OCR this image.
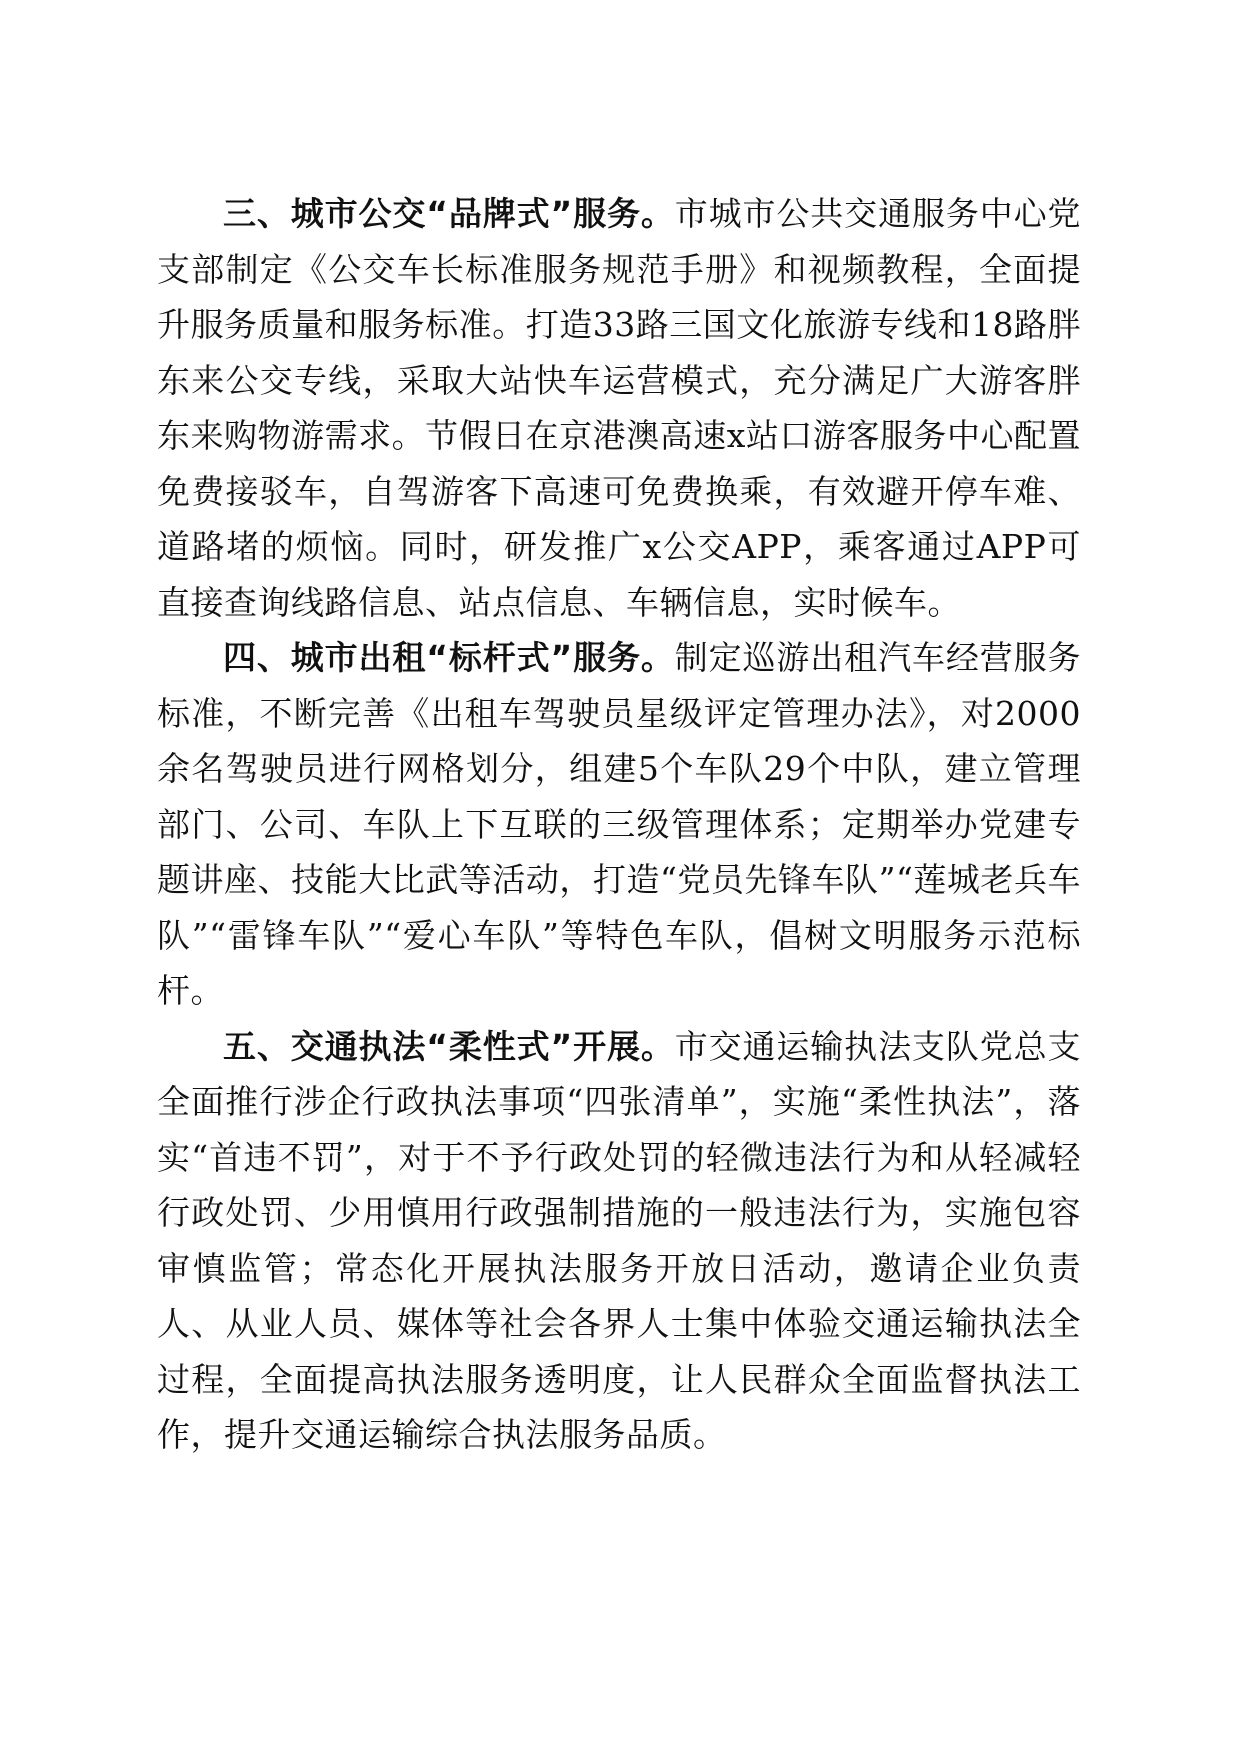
三、城市公交“品牌式”服务。市城市公共交通服务中心党支部制定《公交车长标准服务规范手册》和视频教程，全面提升服务质量和服务标准。打造33路三国文化旅游专线和18路胖东来公交专线，采取大站快车运营模式，充分满足广大游客胖东来购物游需求。节假日在京港澳高速x站口游客服务中心配置免费接驳车，自驾游客下高速可免费换乘，有效避开停车难、道路堵的烦恼。同时，研发推广x公交APP，乘客通过APP可直接查询线路信息、站点信息、车辆信息，实时候车。

四、城市出租“标杆式”服务。制定巡游出租汽车经营服务标准，不断完善《出租车驾驶员星级评定管理办法》，对2000余名驾驶员进行网格划分，组建5个车队29个中队，建立管理部门、公司、车队上下互联的三级管理体系；定期举办党建专题讲座、技能大比武等活动，打造“党员先锋车队”“莲城老兵车队”“雷锋车队”“爱心车队”等特色车队，倡树文明服务示范标杆。

五、交通执法“柔性式”开展。市交通运输执法支队党总支全面推行涉企行政执法事项“四张清单”，实施“柔性执法”，落实“首违不罚”，对于不予行政处罚的轻微违法行为和从轻减轻行政处罚、少用慎用行政强制措施的一般违法行为，实施包容审慎监管；常态化开展执法服务开放日活动，邀请企业负责人、从业人员、媒体等社会各界人士集中体验交通运输执法全过程，全面提高执法服务透明度，让人民群众全面监督执法工作，提升交通运输综合执法服务品质。
